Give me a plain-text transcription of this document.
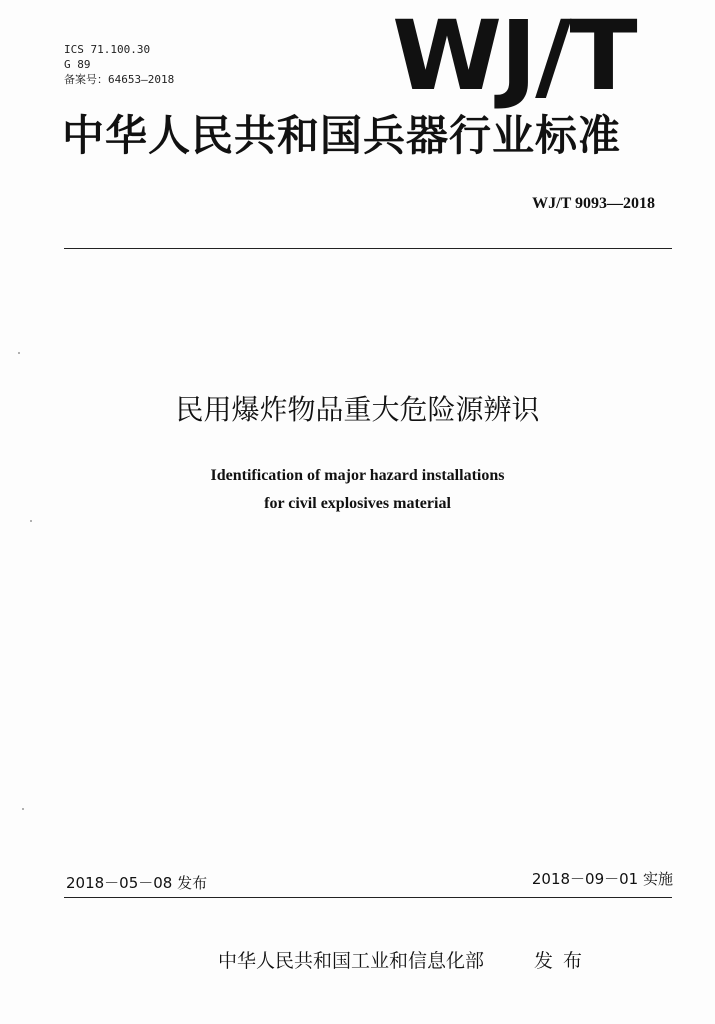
ICS 71.100.30
G 89
备案号：64653—2018 WJ/T
中华人民共和国兵器行业标准
WJ/T 9093—2018
民用爆炸物品重大危险源辨识
Identification of major hazard installations
for civil explosives material
2018－05－08 发布	2018－09－01 实施
中华人民共和国工业和信息化部	发布
